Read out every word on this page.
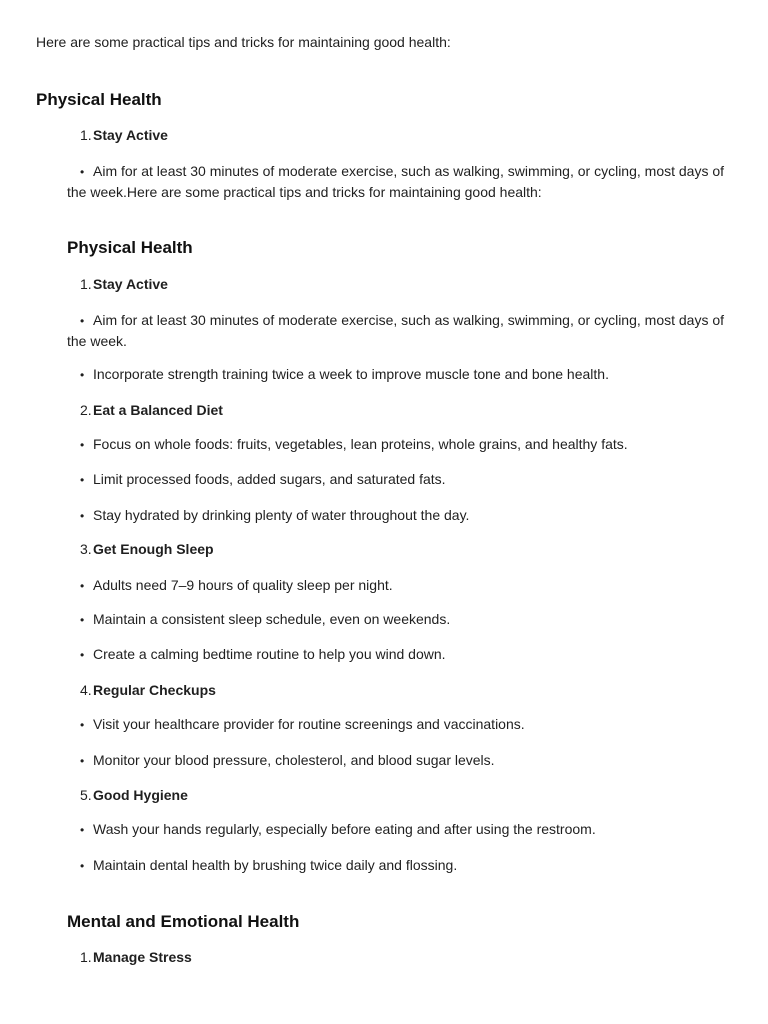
Here are some practical tips and tricks for maintaining good health:
Physical Health
1.Stay Active
• Aim for at least 30 minutes of moderate exercise, such as walking, swimming, or cycling, most days of the week.Here are some practical tips and tricks for maintaining good health:
Physical Health
1.Stay Active
• Aim for at least 30 minutes of moderate exercise, such as walking, swimming, or cycling, most days of the week.
• Incorporate strength training twice a week to improve muscle tone and bone health.
2.Eat a Balanced Diet
• Focus on whole foods: fruits, vegetables, lean proteins, whole grains, and healthy fats.
• Limit processed foods, added sugars, and saturated fats.
• Stay hydrated by drinking plenty of water throughout the day.
3.Get Enough Sleep
• Adults need 7–9 hours of quality sleep per night.
• Maintain a consistent sleep schedule, even on weekends.
• Create a calming bedtime routine to help you wind down.
4.Regular Checkups
• Visit your healthcare provider for routine screenings and vaccinations.
• Monitor your blood pressure, cholesterol, and blood sugar levels.
5.Good Hygiene
• Wash your hands regularly, especially before eating and after using the restroom.
• Maintain dental health by brushing twice daily and flossing.
Mental and Emotional Health
1.Manage Stress
